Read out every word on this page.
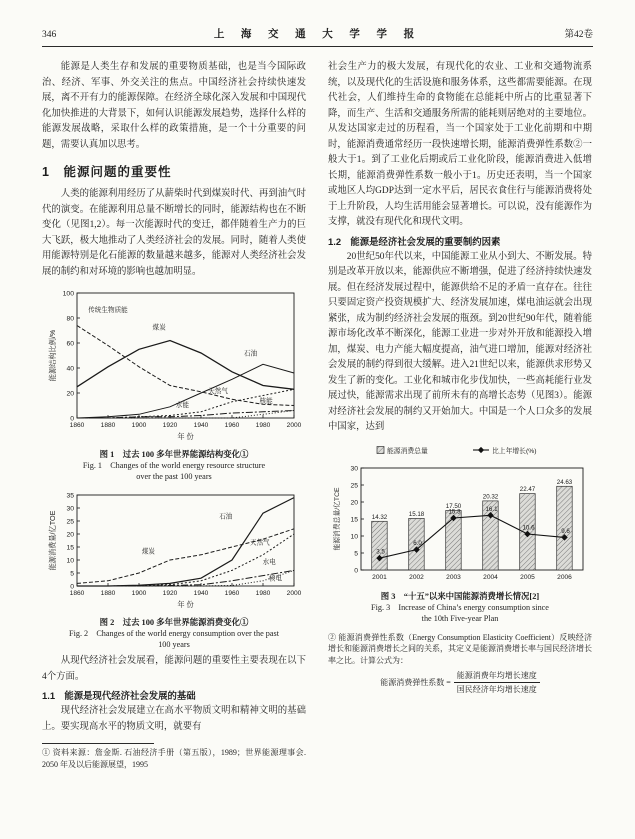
346	上 海 交 通 大 学 学 报	第42卷

能源是人类生存和发展的重要物质基础，也是当今国际政治、经济、军事、外交关注的焦点。中国经济社会持续快速发展，离不开有力的能源保障。在经济全球化深入发展和中国现代化加快推进的大背景下，如何认识能源发展趋势，选择什么样的能源发展战略，采取什么样的政策措施，是一个十分重要的问题，需要认真加以思考。

1　能源问题的重要性

人类的能源利用经历了从薪柴时代到煤炭时代、再到油气时代的演变。在能源利用总量不断增长的同时，能源结构也在不断变化（见图1,2）。每一次能源时代的变迁，都伴随着生产力的巨大飞跃，极大地推动了人类经济社会的发展。同时，随着人类使用能源特别是化石能源的数量越来越多，能源对人类经济社会发展的制约和对环境的影响也越加明显。

0
20
40
60
80
100
1860 1880 1900 1920 1940 1960 1980 2000
年 份
能源结构比例/%
传统生物质能
煤炭
石油
天然气
水能
核能
图 1　过去 100 多年世界能源结构变化①
Fig. 1　Changes of the world energy resource structure
over the past 100 years
0
5
10
15
20
25
30
35
1860 1880 1900 1920 1940 1960 1980 2000
年 份
能源消费量/亿TOE	石油
煤炭
天然气
水电
核电
图 2　过去 100 多年世界能源消费变化①
Fig. 2　Changes of the world energy consumption over the past
100 years

从现代经济社会发展看，能源问题的重要性主要表现在以下4个方面。

1.1　能源是现代经济社会发展的基础

现代经济社会发展建立在高水平物质文明和精神文明的基础上。要实现高水平的物质文明，就要有

① 资料来源：詹金斯. 石油经济手册（第五版），1989；世界能源理事会. 2050 年及以后能源展望，1995

社会生产力的极大发展，有现代化的农业、工业和交通物流系统，以及现代化的生活设施和服务体系，这些都需要能源。在现代社会，人们维持生命的食物能在总能耗中所占的比重显著下降，而生产、生活和交通服务所需的能耗则居绝对的主要地位。从发达国家走过的历程看，当一个国家处于工业化前期和中期时，能源消费通常经历一段快速增长期，能源消费弹性系数②一般大于1。到了工业化后期或后工业化阶段，能源消费进入低增长期，能源消费弹性系数一般小于1。历史还表明，当一个国家或地区人均GDP达到一定水平后，居民衣食住行与能源消费将处于上升阶段，人均生活用能会显著增长。可以说，没有能源作为支撑，就没有现代化和现代文明。

1.2　能源是经济社会发展的重要制约因素

20世纪50年代以来，中国能源工业从小到大、不断发展。特别是改革开放以来，能源供应不断增强，促进了经济持续快速发展。但在经济发展过程中，能源供给不足的矛盾一直存在。往往只要固定资产投资规模扩大、经济发展加速，煤电油运就会出现紧张，成为制约经济社会发展的瓶颈。到20世纪90年代，随着能源市场化改革不断深化，能源工业进一步对外开放和能源投入增加，煤炭、电力产能大幅度提高，油气进口增加，能源对经济社会发展的制约得到很大缓解。进入21世纪以来，能源供求形势又发生了新的变化。工业化和城市化步伐加快，一些高耗能行业发展过快，能源需求出现了前所未有的高增长态势（见图3）。能源对经济社会发展的制约又开始加大。中国是一个人口众多的发展中国家，达到

0
5
10
15
20
25
30
14.32
2001
15.18
2002
17.50
2003
20.32
2004
22.47
2005
24.63
2006
3.5
6.0
15.3	16.1
10.6	9.6
能源消费总量	比上年增长(%)
能源消费总量/亿TCE
图 3　“十五”以来中国能源消费增长情况[2]
Fig. 3　Increase of China’s energy consumption since
the 10th Five-year Plan

② 能源消费弹性系数（Energy Consumption Elasticity Coefficient）反映经济增长和能源消费增长之间的关系，其定义是能源消费增长率与国民经济增长率之比。计算公式为：

能源消费弹性系数 = $\frac{\text{能源消费年均增长速度}}{\text{国民经济年均增长速度}}$
